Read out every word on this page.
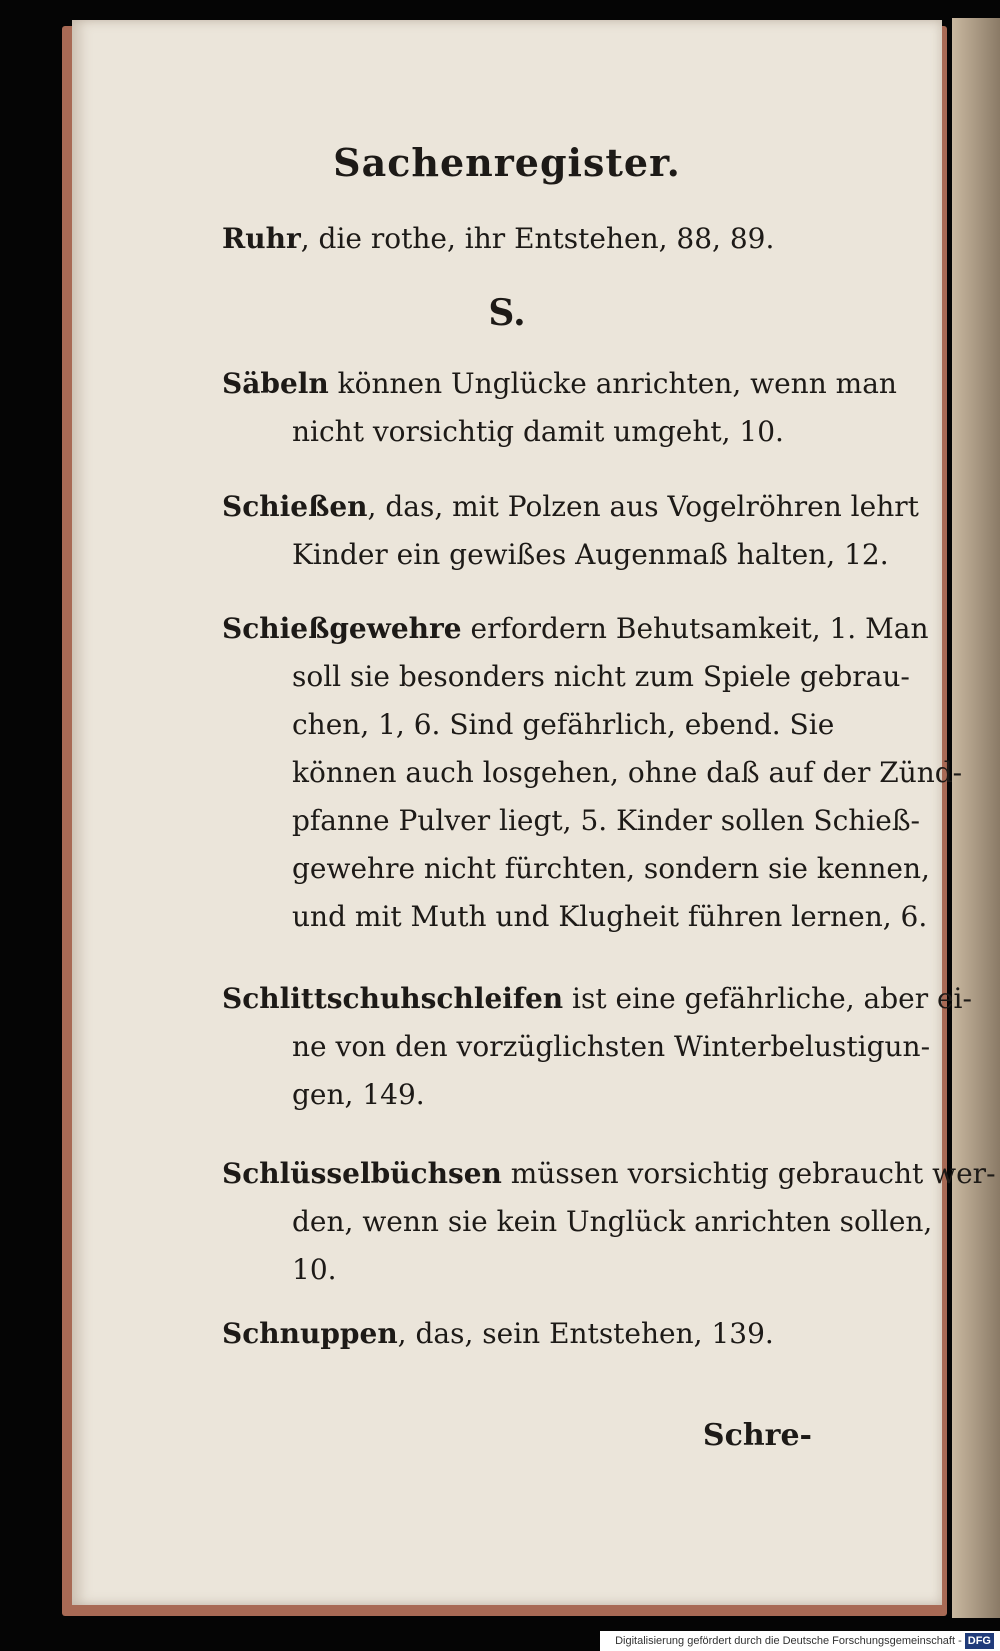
Sachenregister.
Ruhr, die rothe, ihr Entstehen, 88, 89.
S.
Säbeln können Unglücke anrichten, wenn man
nicht vorsichtig damit umgeht, 10.
Schießen, das, mit Polzen aus Vogelröhren lehrt
Kinder ein gewißes Augenmaß halten, 12.
Schießgewehre erfordern Behutsamkeit, 1. Man
soll sie besonders nicht zum Spiele gebrau-
chen, 1, 6. Sind gefährlich, ebend. Sie
können auch losgehen, ohne daß auf der Zünd-
pfanne Pulver liegt, 5. Kinder sollen Schieß-
gewehre nicht fürchten, sondern sie kennen,
und mit Muth und Klugheit führen lernen, 6.
Schlittschuhschleifen ist eine gefährliche, aber ei-
ne von den vorzüglichsten Winterbelustigun-
gen, 149.
Schlüsselbüchsen müssen vorsichtig gebraucht wer-
den, wenn sie kein Unglück anrichten sollen,
10.
Schnuppen, das, sein Entstehen, 139.
Schre-
Digitalisierung gefördert durch die Deutsche Forschungsgemeinschaft - DFG
